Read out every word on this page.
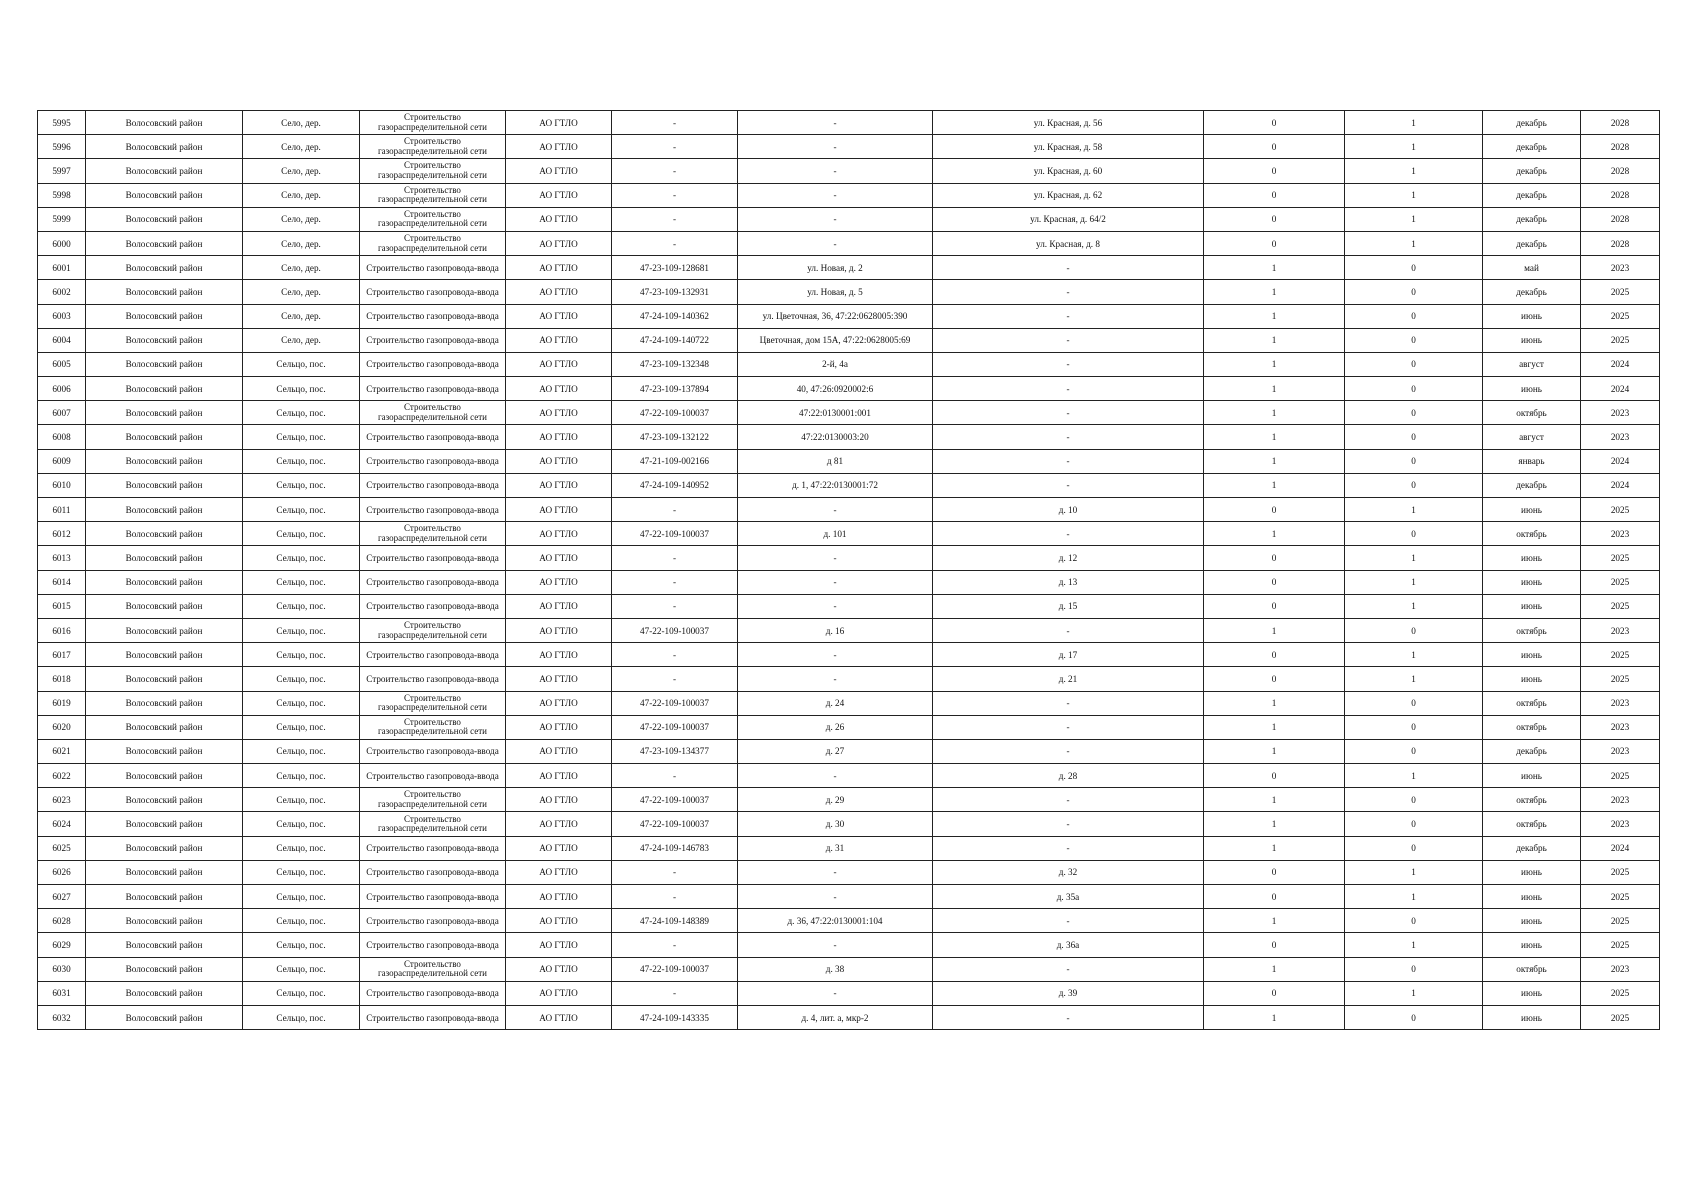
5995	Волосовский район	Село, дер.	Строительство газораспределительной сети	АО ГТЛО	-	-	ул. Красная, д. 56	0	1	декабрь	2028
5996	Волосовский район	Село, дер.	Строительство газораспределительной сети	АО ГТЛО	-	-	ул. Красная, д. 58	0	1	декабрь	2028
5997	Волосовский район	Село, дер.	Строительство газораспределительной сети	АО ГТЛО	-	-	ул. Красная, д. 60	0	1	декабрь	2028
5998	Волосовский район	Село, дер.	Строительство газораспределительной сети	АО ГТЛО	-	-	ул. Красная, д. 62	0	1	декабрь	2028
5999	Волосовский район	Село, дер.	Строительство газораспределительной сети	АО ГТЛО	-	-	ул. Красная, д. 64/2	0	1	декабрь	2028
6000	Волосовский район	Село, дер.	Строительство газораспределительной сети	АО ГТЛО	-	-	ул. Красная, д. 8	0	1	декабрь	2028
6001	Волосовский район	Село, дер.	Строительство газопровода-ввода	АО ГТЛО	47-23-109-128681	ул. Новая, д. 2	-	1	0	май	2023
6002	Волосовский район	Село, дер.	Строительство газопровода-ввода	АО ГТЛО	47-23-109-132931	ул. Новая, д. 5	-	1	0	декабрь	2025
6003	Волосовский район	Село, дер.	Строительство газопровода-ввода	АО ГТЛО	47-24-109-140362	ул. Цветочная, 36, 47:22:0628005:390	-	1	0	июнь	2025
6004	Волосовский район	Село, дер.	Строительство газопровода-ввода	АО ГТЛО	47-24-109-140722	Цветочная, дом 15А, 47:22:0628005:69	-	1	0	июнь	2025
6005	Волосовский район	Сельцо, пос.	Строительство газопровода-ввода	АО ГТЛО	47-23-109-132348	2-й, 4а	-	1	0	август	2024
6006	Волосовский район	Сельцо, пос.	Строительство газопровода-ввода	АО ГТЛО	47-23-109-137894	40, 47:26:0920002:6	-	1	0	июнь	2024
6007	Волосовский район	Сельцо, пос.	Строительство газораспределительной сети	АО ГТЛО	47-22-109-100037	47:22:0130001:001	-	1	0	октябрь	2023
6008	Волосовский район	Сельцо, пос.	Строительство газопровода-ввода	АО ГТЛО	47-23-109-132122	47:22:0130003:20	-	1	0	август	2023
6009	Волосовский район	Сельцо, пос.	Строительство газопровода-ввода	АО ГТЛО	47-21-109-002166	д 81	-	1	0	январь	2024
6010	Волосовский район	Сельцо, пос.	Строительство газопровода-ввода	АО ГТЛО	47-24-109-140952	д. 1, 47:22:0130001:72	-	1	0	декабрь	2024
6011	Волосовский район	Сельцо, пос.	Строительство газопровода-ввода	АО ГТЛО	-	-	д. 10	0	1	июнь	2025
6012	Волосовский район	Сельцо, пос.	Строительство газораспределительной сети	АО ГТЛО	47-22-109-100037	д. 101	-	1	0	октябрь	2023
6013	Волосовский район	Сельцо, пос.	Строительство газопровода-ввода	АО ГТЛО	-	-	д. 12	0	1	июнь	2025
6014	Волосовский район	Сельцо, пос.	Строительство газопровода-ввода	АО ГТЛО	-	-	д. 13	0	1	июнь	2025
6015	Волосовский район	Сельцо, пос.	Строительство газопровода-ввода	АО ГТЛО	-	-	д. 15	0	1	июнь	2025
6016	Волосовский район	Сельцо, пос.	Строительство газораспределительной сети	АО ГТЛО	47-22-109-100037	д. 16	-	1	0	октябрь	2023
6017	Волосовский район	Сельцо, пос.	Строительство газопровода-ввода	АО ГТЛО	-	-	д. 17	0	1	июнь	2025
6018	Волосовский район	Сельцо, пос.	Строительство газопровода-ввода	АО ГТЛО	-	-	д. 21	0	1	июнь	2025
6019	Волосовский район	Сельцо, пос.	Строительство газораспределительной сети	АО ГТЛО	47-22-109-100037	д. 24	-	1	0	октябрь	2023
6020	Волосовский район	Сельцо, пос.	Строительство газораспределительной сети	АО ГТЛО	47-22-109-100037	д. 26	-	1	0	октябрь	2023
6021	Волосовский район	Сельцо, пос.	Строительство газопровода-ввода	АО ГТЛО	47-23-109-134377	д. 27	-	1	0	декабрь	2023
6022	Волосовский район	Сельцо, пос.	Строительство газопровода-ввода	АО ГТЛО	-	-	д. 28	0	1	июнь	2025
6023	Волосовский район	Сельцо, пос.	Строительство газораспределительной сети	АО ГТЛО	47-22-109-100037	д. 29	-	1	0	октябрь	2023
6024	Волосовский район	Сельцо, пос.	Строительство газораспределительной сети	АО ГТЛО	47-22-109-100037	д. 30	-	1	0	октябрь	2023
6025	Волосовский район	Сельцо, пос.	Строительство газопровода-ввода	АО ГТЛО	47-24-109-146783	д. 31	-	1	0	декабрь	2024
6026	Волосовский район	Сельцо, пос.	Строительство газопровода-ввода	АО ГТЛО	-	-	д. 32	0	1	июнь	2025
6027	Волосовский район	Сельцо, пос.	Строительство газопровода-ввода	АО ГТЛО	-	-	д. 35а	0	1	июнь	2025
6028	Волосовский район	Сельцо, пос.	Строительство газопровода-ввода	АО ГТЛО	47-24-109-148389	д. 36, 47:22:0130001:104	-	1	0	июнь	2025
6029	Волосовский район	Сельцо, пос.	Строительство газопровода-ввода	АО ГТЛО	-	-	д. 36а	0	1	июнь	2025
6030	Волосовский район	Сельцо, пос.	Строительство газораспределительной сети	АО ГТЛО	47-22-109-100037	д. 38	-	1	0	октябрь	2023
6031	Волосовский район	Сельцо, пос.	Строительство газопровода-ввода	АО ГТЛО	-	-	д. 39	0	1	июнь	2025
6032	Волосовский район	Сельцо, пос.	Строительство газопровода-ввода	АО ГТЛО	47-24-109-143335	д. 4, лит. а, мкр-2	-	1	0	июнь	2025
